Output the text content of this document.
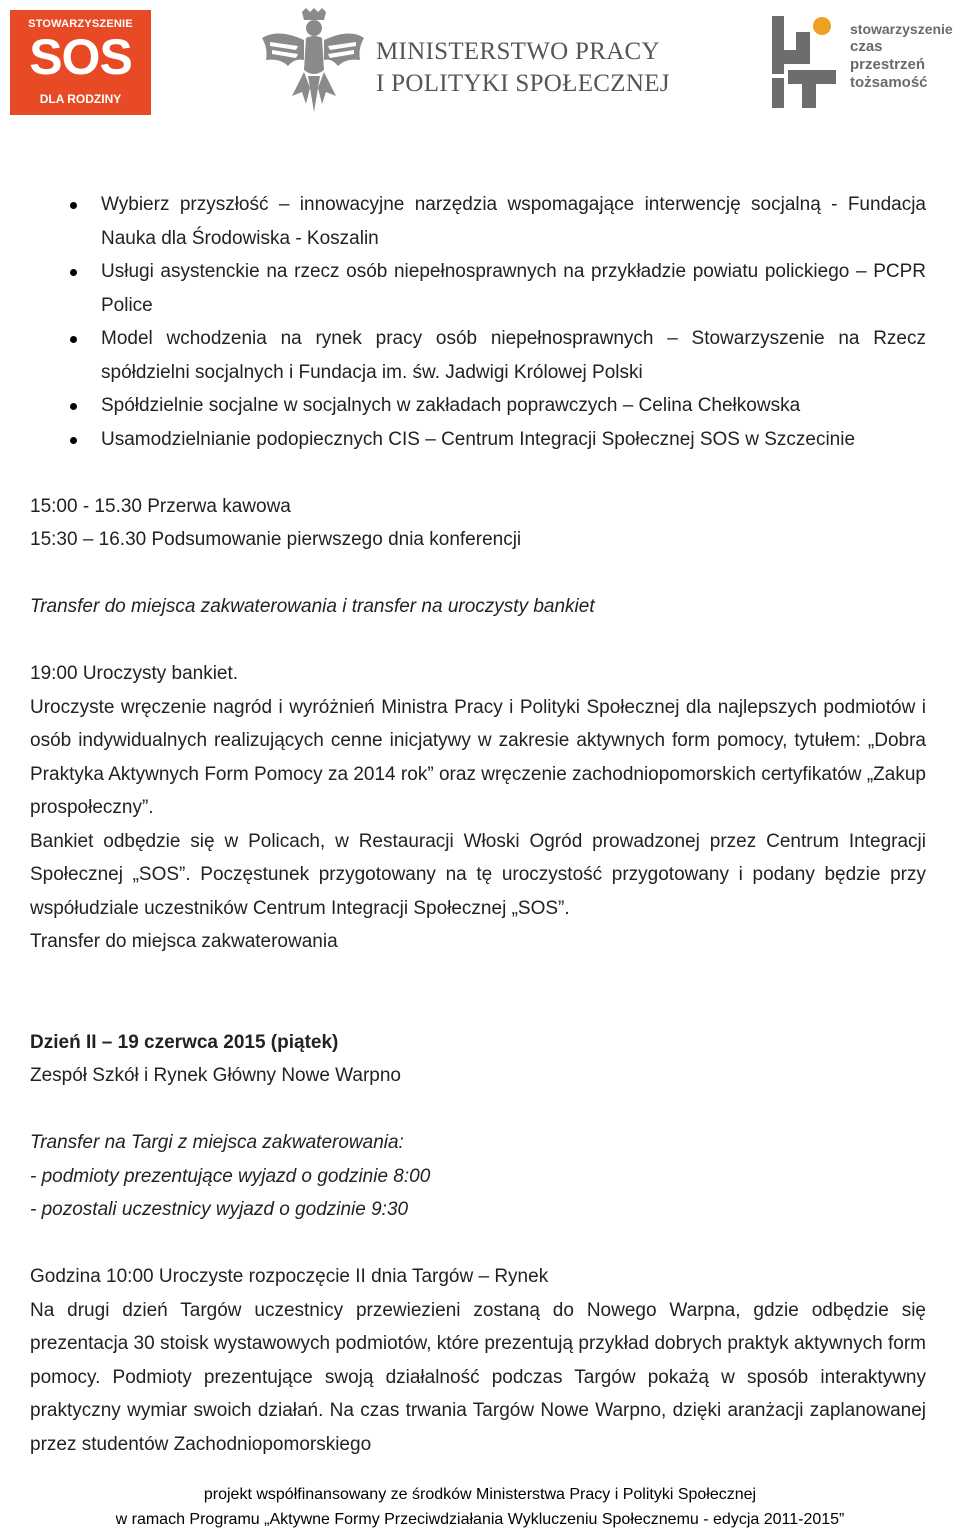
STOWARZYSZENIE
SOS
DLA RODZINY
MINISTERSTWO PRACY
I POLITYKI SPOŁECZNEJ
stowarzyszenie
czas
przestrzeń
tożsamość
Wybierz przyszłość – innowacyjne narzędzia wspomagające interwencję socjalną - Fundacja Nauka dla Środowiska - Koszalin
Usługi asystenckie na rzecz osób niepełnosprawnych na przykładzie powiatu polickiego – PCPR Police
Model wchodzenia na rynek pracy osób niepełnosprawnych – Stowarzyszenie na Rzecz spółdzielni socjalnych i Fundacja im. św. Jadwigi Królowej Polski
Spółdzielnie socjalne w socjalnych w zakładach poprawczych – Celina Chełkowska
Usamodzielnianie podopiecznych CIS – Centrum Integracji Społecznej SOS w Szczecinie

15:00 - 15.30 Przerwa kawowa

15:30 – 16.30 Podsumowanie pierwszego dnia konferencji

Transfer do miejsca zakwaterowania i transfer na uroczysty bankiet

19:00 Uroczysty bankiet.

Uroczyste wręczenie nagród i wyróżnień Ministra Pracy i Polityki Społecznej dla najlepszych podmiotów i osób indywidualnych realizujących cenne inicjatywy w zakresie aktywnych form pomocy, tytułem: „Dobra Praktyka Aktywnych Form Pomocy za 2014 rok” oraz wręczenie zachodniopomorskich certyfikatów „Zakup prospołeczny”.

Bankiet odbędzie się w Policach, w Restauracji Włoski Ogród prowadzonej przez Centrum Integracji Społecznej „SOS”. Poczęstunek przygotowany na tę uroczystość przygotowany i podany będzie przy współudziale uczestników Centrum Integracji Społecznej „SOS”.

Transfer do miejsca zakwaterowania

Dzień II – 19 czerwca 2015 (piątek)

Zespół Szkół i Rynek Główny Nowe Warpno

Transfer na Targi z miejsca zakwaterowania:

- podmioty prezentujące wyjazd o godzinie 8:00

- pozostali uczestnicy wyjazd o godzinie 9:30

Godzina 10:00 Uroczyste rozpoczęcie II dnia Targów – Rynek

Na drugi dzień Targów uczestnicy przewiezieni zostaną do Nowego Warpna, gdzie odbędzie się prezentacja 30 stoisk wystawowych podmiotów, które prezentują przykład dobrych praktyk aktywnych form pomocy. Podmioty prezentujące swoją działalność podczas Targów pokażą w sposób interaktywny praktyczny wymiar swoich działań. Na czas trwania Targów Nowe Warpno, dzięki aranżacji zaplanowanej przez studentów Zachodniopomorskiego

projekt współfinansowany ze środków Ministerstwa Pracy i Polityki Społecznej
w ramach Programu „Aktywne Formy Przeciwdziałania Wykluczeniu Społecznemu - edycja 2011-2015”
